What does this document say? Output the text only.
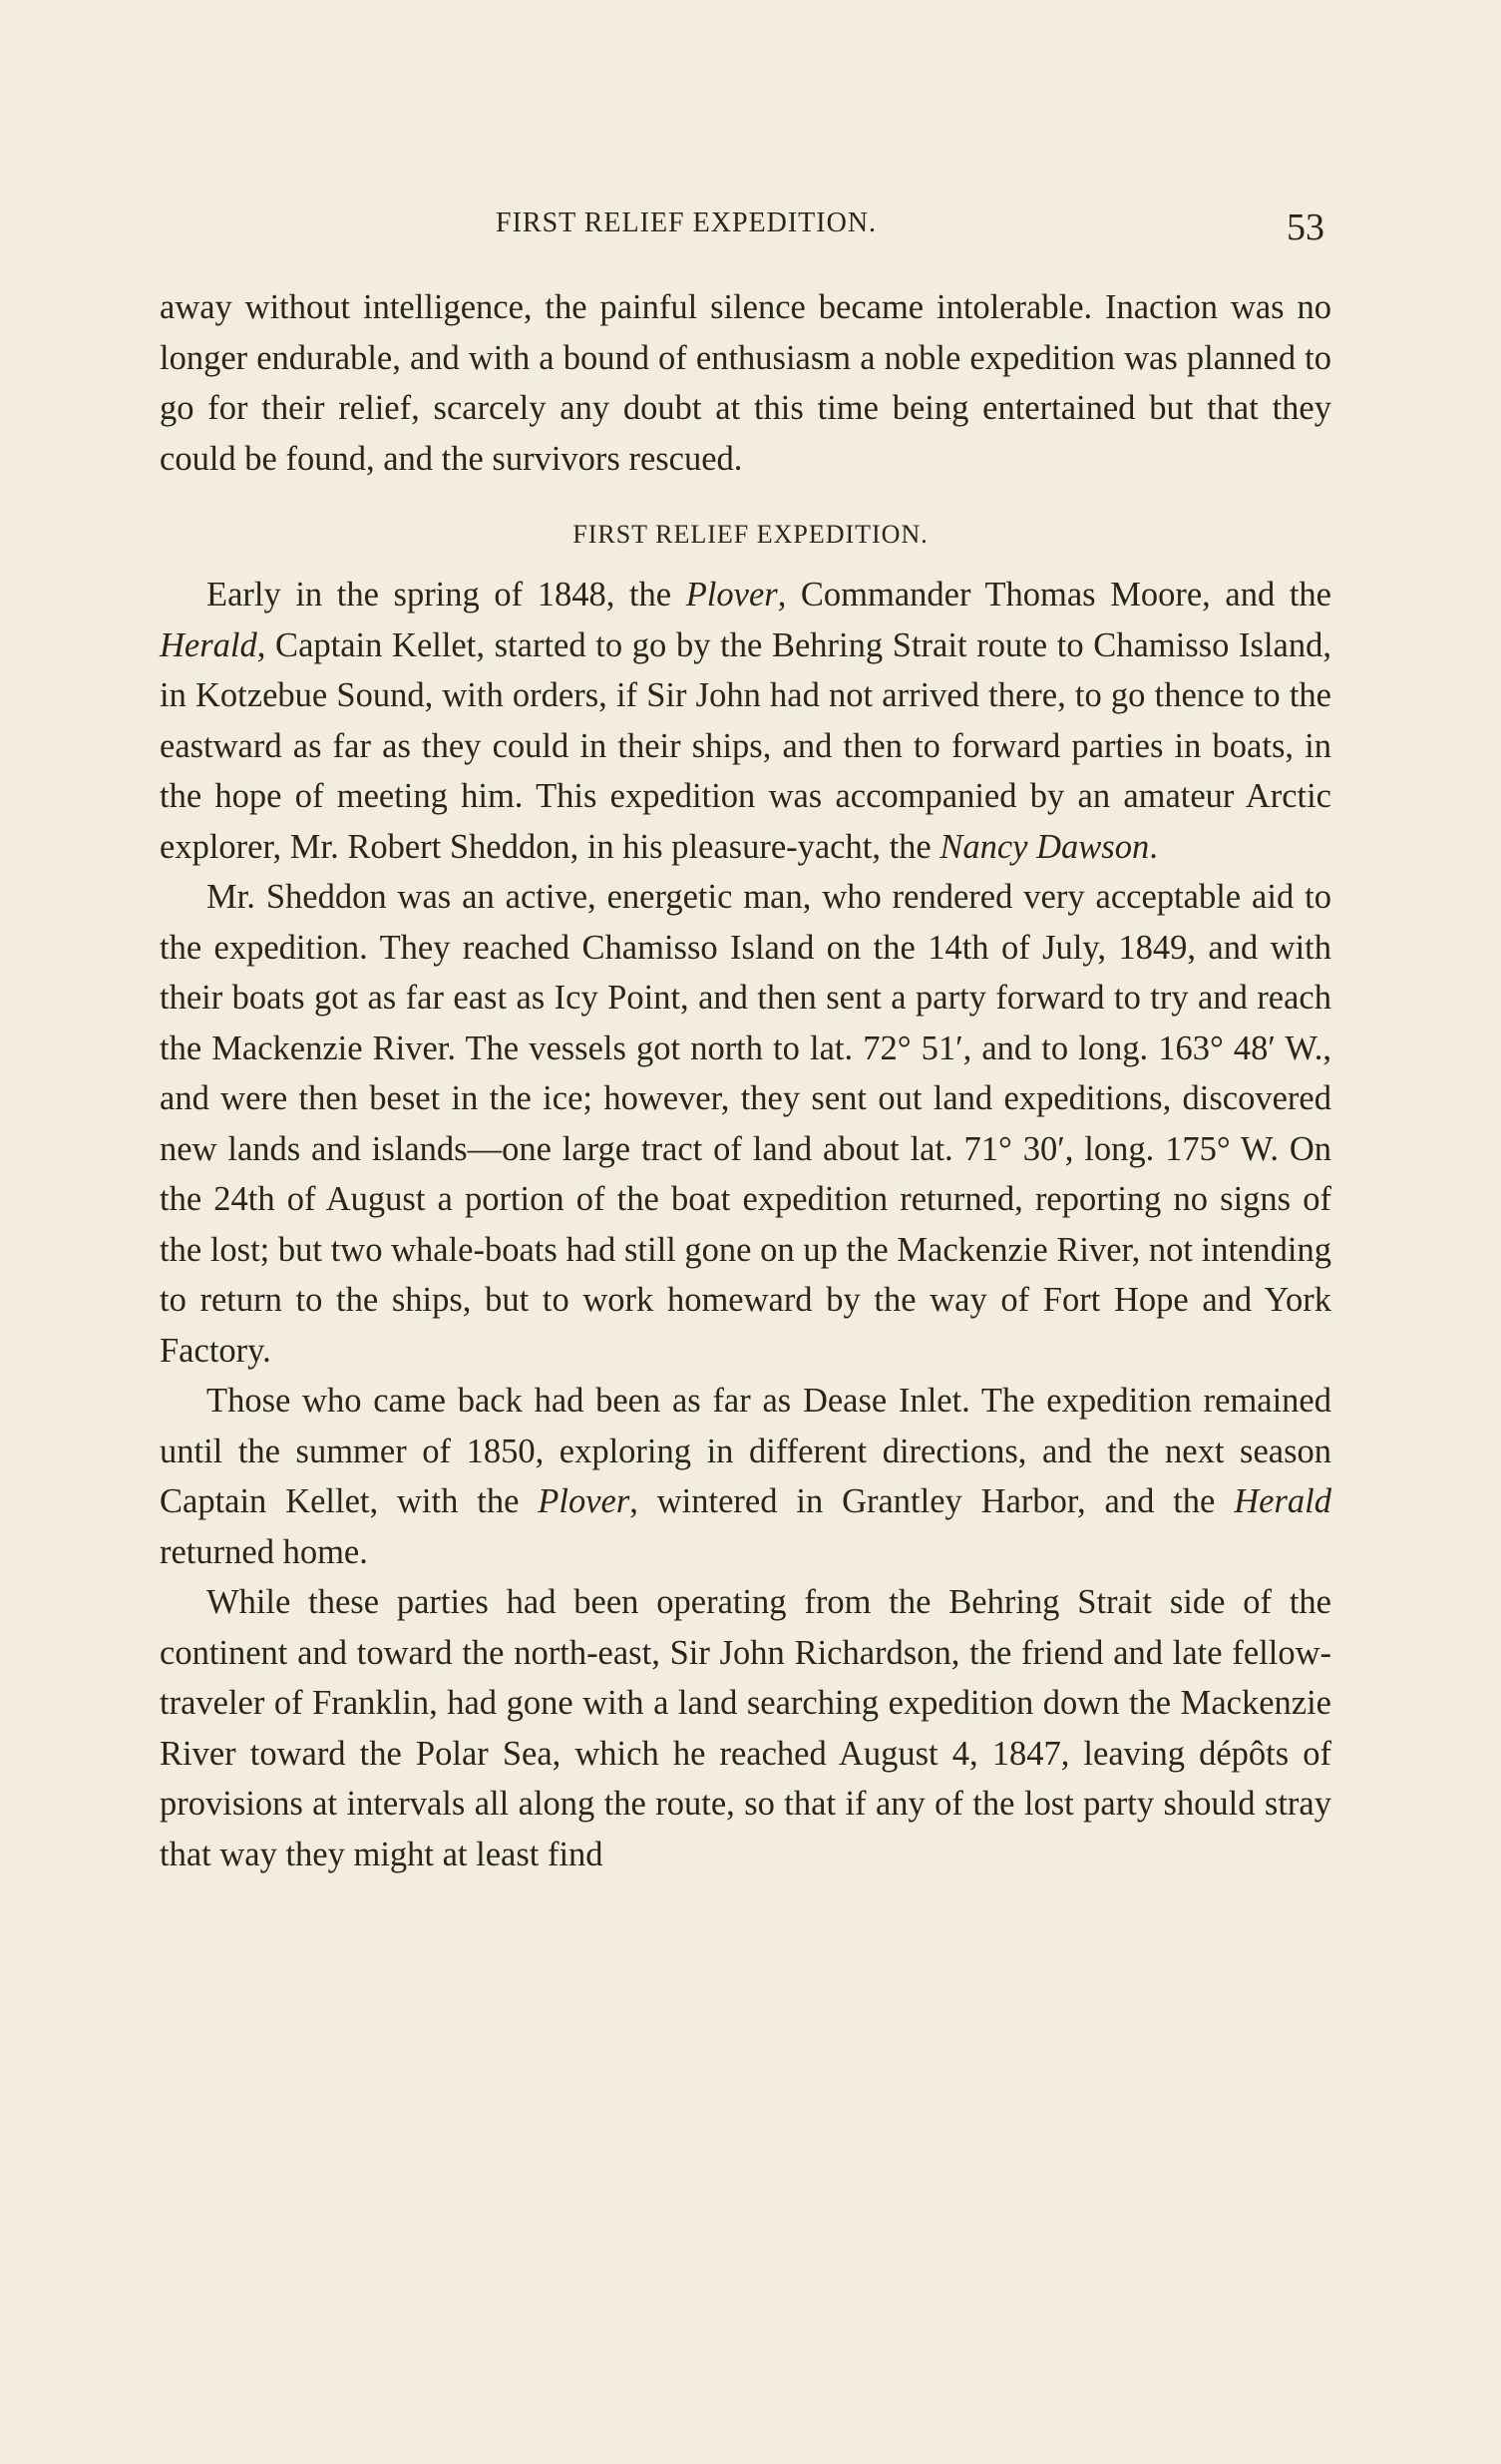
FIRST RELIEF EXPEDITION.	53

away without intelligence, the painful silence became intolerable. Inaction was no longer endurable, and with a bound of enthusiasm a noble expedition was planned to go for their relief, scarcely any doubt at this time being entertained but that they could be found, and the survivors rescued.

FIRST RELIEF EXPEDITION.

Early in the spring of 1848, the Plover, Commander Thomas Moore, and the Herald, Captain Kellet, started to go by the Behring Strait route to Chamisso Island, in Kotzebue Sound, with orders, if Sir John had not arrived there, to go thence to the eastward as far as they could in their ships, and then to forward parties in boats, in the hope of meeting him. This expedition was accompanied by an amateur Arctic explorer, Mr. Robert Sheddon, in his pleasure-yacht, the Nancy Dawson.

Mr. Sheddon was an active, energetic man, who rendered very acceptable aid to the expedition. They reached Chamisso Island on the 14th of July, 1849, and with their boats got as far east as Icy Point, and then sent a party forward to try and reach the Mackenzie River. The vessels got north to lat. 72° 51′, and to long. 163° 48′ W., and were then beset in the ice; however, they sent out land expeditions, discovered new lands and islands—one large tract of land about lat. 71° 30′, long. 175° W. On the 24th of August a portion of the boat expedition returned, reporting no signs of the lost; but two whale-boats had still gone on up the Mackenzie River, not intending to return to the ships, but to work homeward by the way of Fort Hope and York Factory.

Those who came back had been as far as Dease Inlet. The expedition remained until the summer of 1850, exploring in different directions, and the next season Captain Kellet, with the Plover, wintered in Grantley Harbor, and the Herald returned home.

While these parties had been operating from the Behring Strait side of the continent and toward the north-east, Sir John Richardson, the friend and late fellow-traveler of Franklin, had gone with a land searching expedition down the Mackenzie River toward the Polar Sea, which he reached August 4, 1847, leaving dépôts of provisions at intervals all along the route, so that if any of the lost party should stray that way they might at least find
